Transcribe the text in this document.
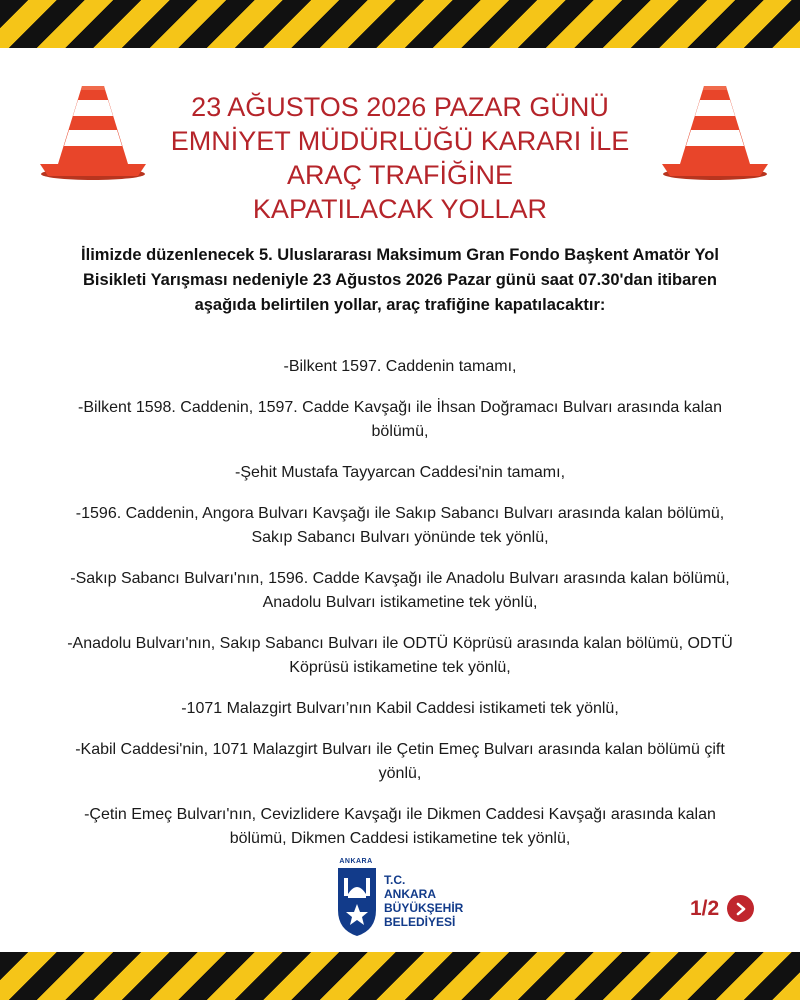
23 AĞUSTOS 2026 PAZAR GÜNÜ
EMNİYET MÜDÜRLÜĞÜ KARARI İLE
ARAÇ TRAFİĞİNE
KAPATILACAK YOLLAR

İlimizde düzenlenecek 5. Uluslararası Maksimum Gran Fondo Başkent Amatör Yol Bisikleti Yarışması nedeniyle 23 Ağustos 2026 Pazar günü saat 07.30'dan itibaren aşağıda belirtilen yollar, araç trafiğine kapatılacaktır:

-Bilkent 1597. Caddenin tamamı,
-Bilkent 1598. Caddenin, 1597. Cadde Kavşağı ile İhsan Doğramacı Bulvarı arasında kalan bölümü,
-Şehit Mustafa Tayyarcan Caddesi'nin tamamı,
-1596. Caddenin, Angora Bulvarı Kavşağı ile Sakıp Sabancı Bulvarı arasında kalan bölümü, Sakıp Sabancı Bulvarı yönünde tek yönlü,
-Sakıp Sabancı Bulvarı'nın, 1596. Cadde Kavşağı ile Anadolu Bulvarı arasında kalan bölümü, Anadolu Bulvarı istikametine tek yönlü,
-Anadolu Bulvarı'nın, Sakıp Sabancı Bulvarı ile ODTÜ Köprüsü arasında kalan bölümü, ODTÜ Köprüsü istikametine tek yönlü,
-1071 Malazgirt Bulvarı’nın Kabil Caddesi istikameti tek yönlü,
-Kabil Caddesi'nin, 1071 Malazgirt Bulvarı ile Çetin Emeç Bulvarı arasında kalan bölümü çift yönlü,
-Çetin Emeç Bulvarı'nın, Cevizlidere Kavşağı ile Dikmen Caddesi Kavşağı arasında kalan bölümü, Dikmen Caddesi istikametine tek yönlü,
ANKARA
T.C.
ANKARA
BÜYÜKŞEHİR
BELEDİYESİ
1/2
